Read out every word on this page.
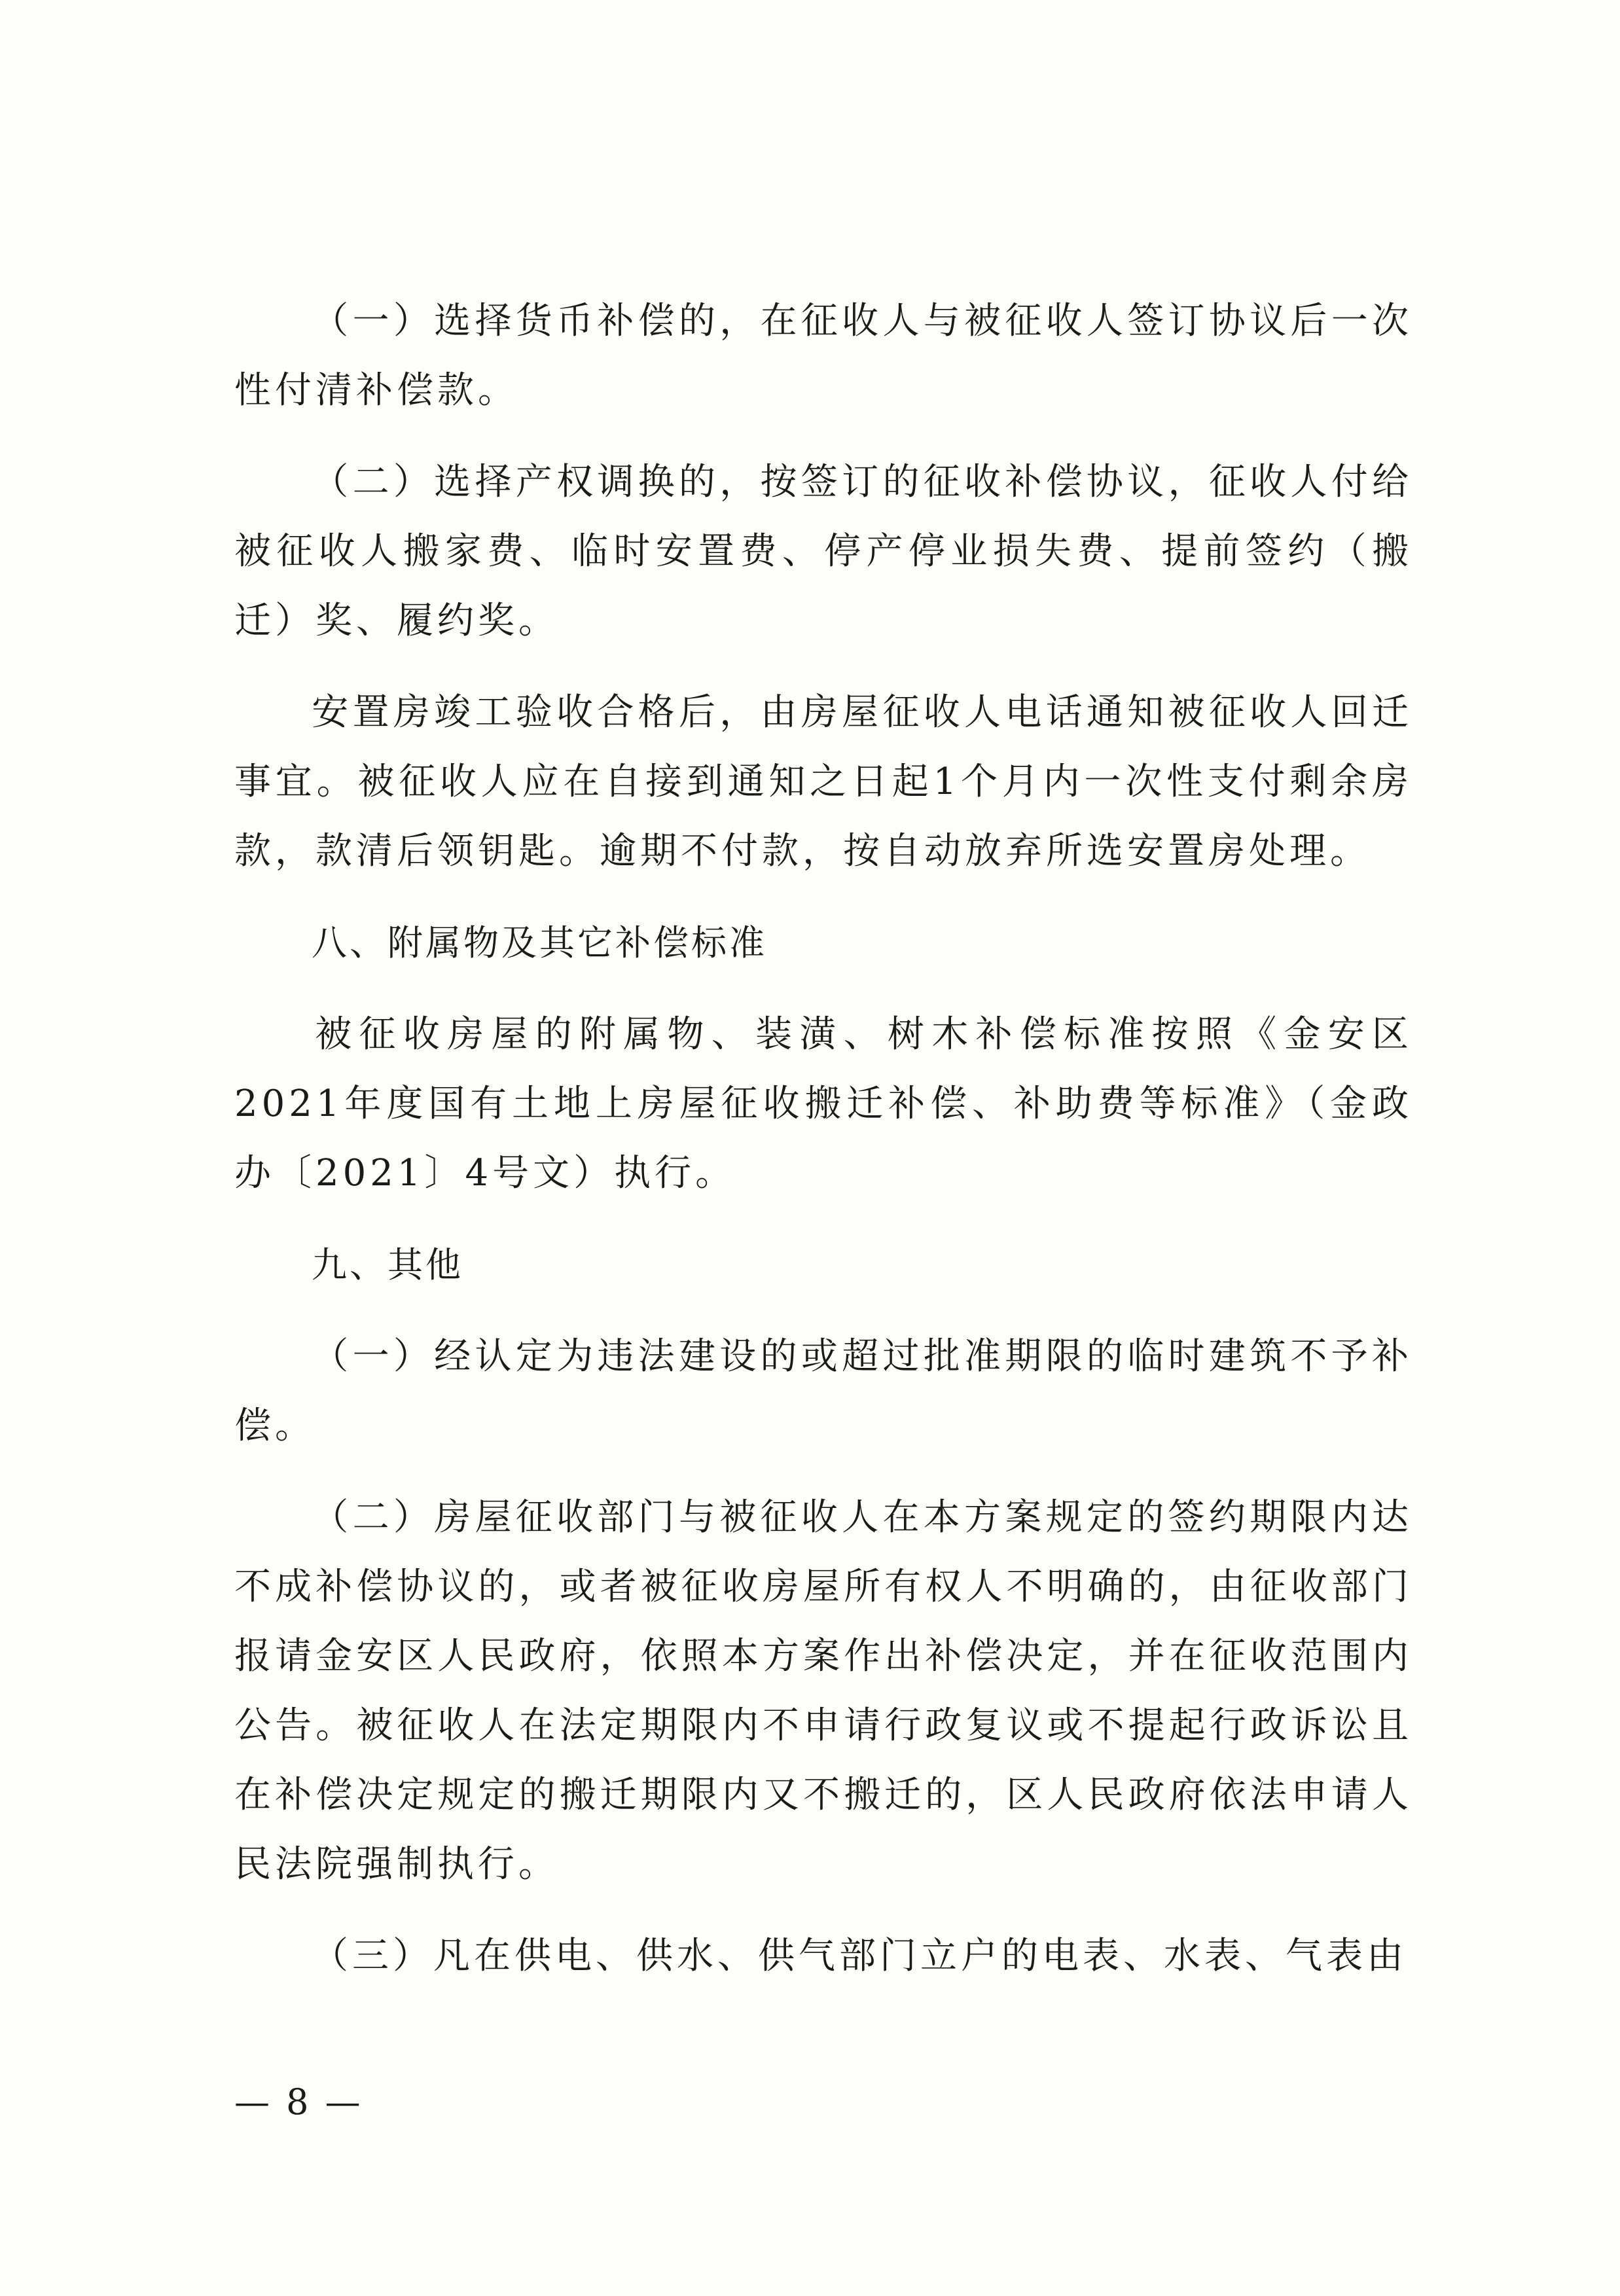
（一）选择货币补偿的，在征收人与被征收人签订协议后一次性付清补偿款。

（二）选择产权调换的，按签订的征收补偿协议，征收人付给被征收人搬家费、临时安置费、停产停业损失费、提前签约（搬迁）奖、履约奖。

安置房竣工验收合格后，由房屋征收人电话通知被征收人回迁事宜。被征收人应在自接到通知之日起1个月内一次性支付剩余房款，款清后领钥匙。逾期不付款，按自动放弃所选安置房处理。

八、附属物及其它补偿标准

被征收房屋的附属物、装潢、树木补偿标准按照《金安区2021年度国有土地上房屋征收搬迁补偿、补助费等标准》（金政办〔2021〕4号文）执行。

九、其他

（一）经认定为违法建设的或超过批准期限的临时建筑不予补偿。

（二）房屋征收部门与被征收人在本方案规定的签约期限内达不成补偿协议的，或者被征收房屋所有权人不明确的，由征收部门报请金安区人民政府，依照本方案作出补偿决定，并在征收范围内公告。被征收人在法定期限内不申请行政复议或不提起行政诉讼且在补偿决定规定的搬迁期限内又不搬迁的，区人民政府依法申请人民法院强制执行。

（三）凡在供电、供水、供气部门立户的电表、水表、气表由

— 8 —
